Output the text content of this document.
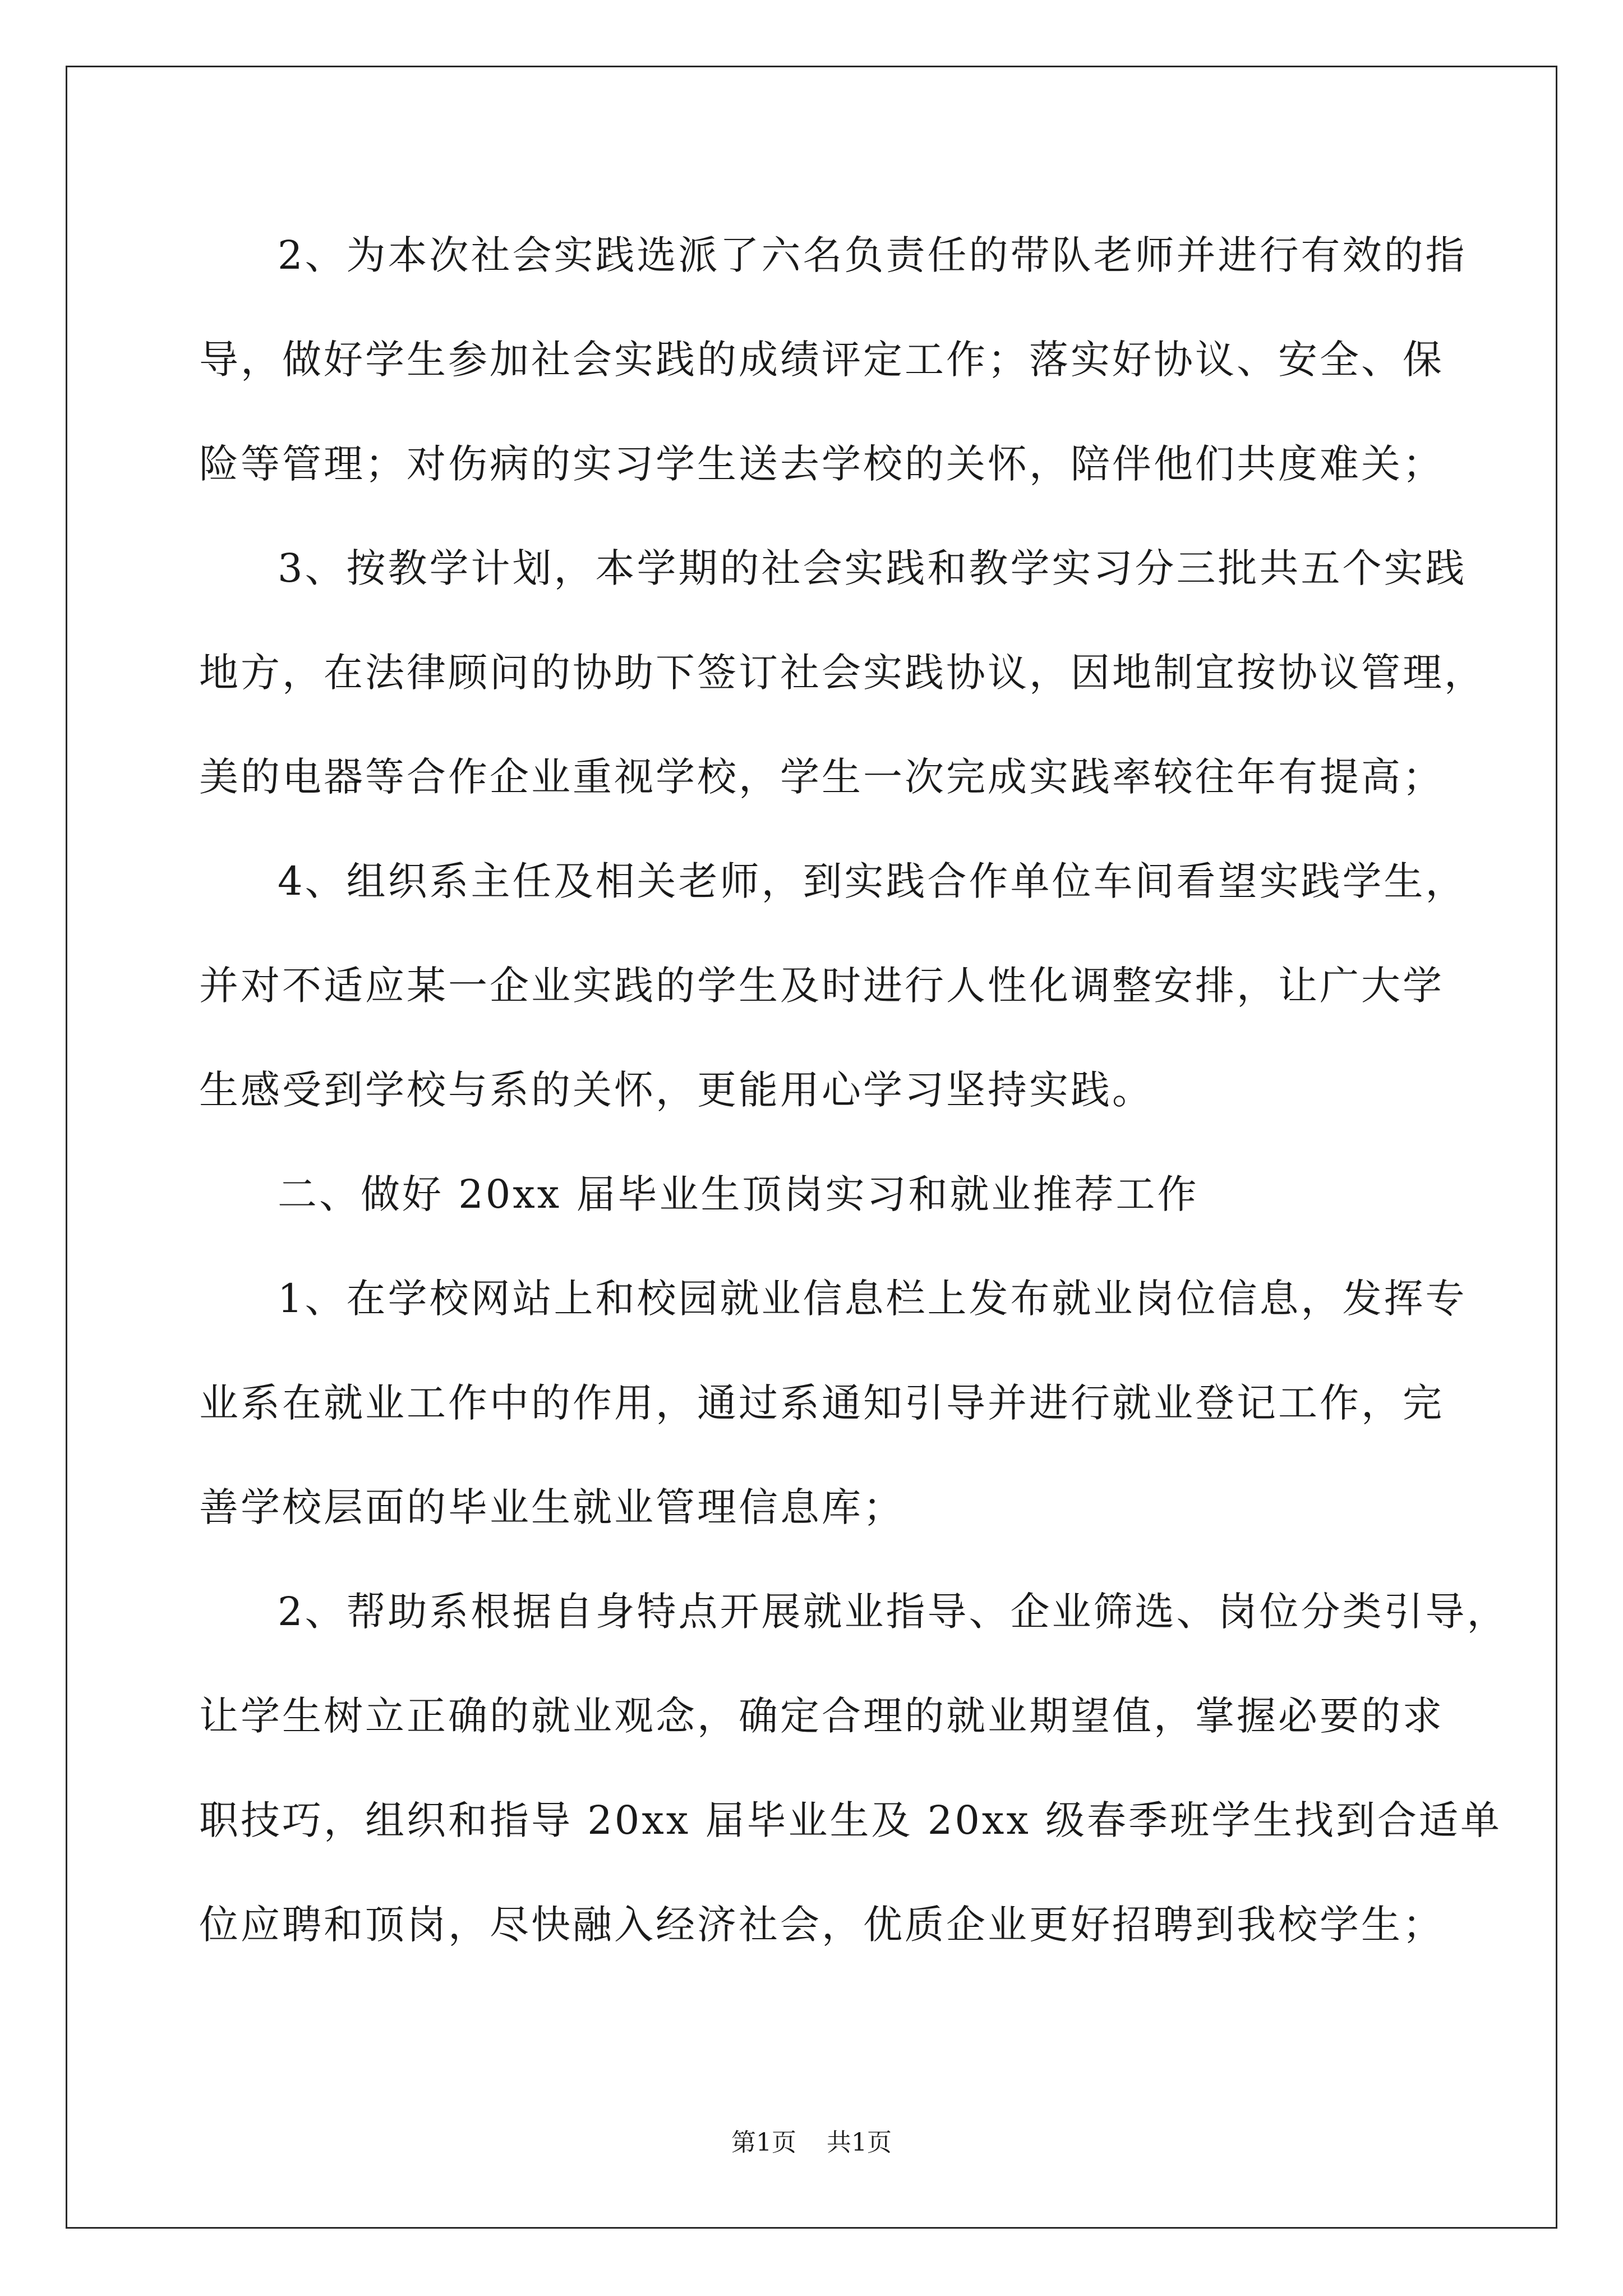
2、为本次社会实践选派了六名负责任的带队老师并进行有效的指
导，做好学生参加社会实践的成绩评定工作；落实好协议、安全、保
险等管理；对伤病的实习学生送去学校的关怀，陪伴他们共度难关；
3、按教学计划，本学期的社会实践和教学实习分三批共五个实践
地方，在法律顾问的协助下签订社会实践协议，因地制宜按协议管理，
美的电器等合作企业重视学校，学生一次完成实践率较往年有提高；
4、组织系主任及相关老师，到实践合作单位车间看望实践学生，
并对不适应某一企业实践的学生及时进行人性化调整安排，让广大学
生感受到学校与系的关怀，更能用心学习坚持实践。
二、做好 20xx 届毕业生顶岗实习和就业推荐工作
1、在学校网站上和校园就业信息栏上发布就业岗位信息，发挥专
业系在就业工作中的作用，通过系通知引导并进行就业登记工作，完
善学校层面的毕业生就业管理信息库；
2、帮助系根据自身特点开展就业指导、企业筛选、岗位分类引导，
让学生树立正确的就业观念，确定合理的就业期望值，掌握必要的求
职技巧，组织和指导 20xx 届毕业生及 20xx 级春季班学生找到合适单
位应聘和顶岗，尽快融入经济社会，优质企业更好招聘到我校学生；
第1页 共1页
